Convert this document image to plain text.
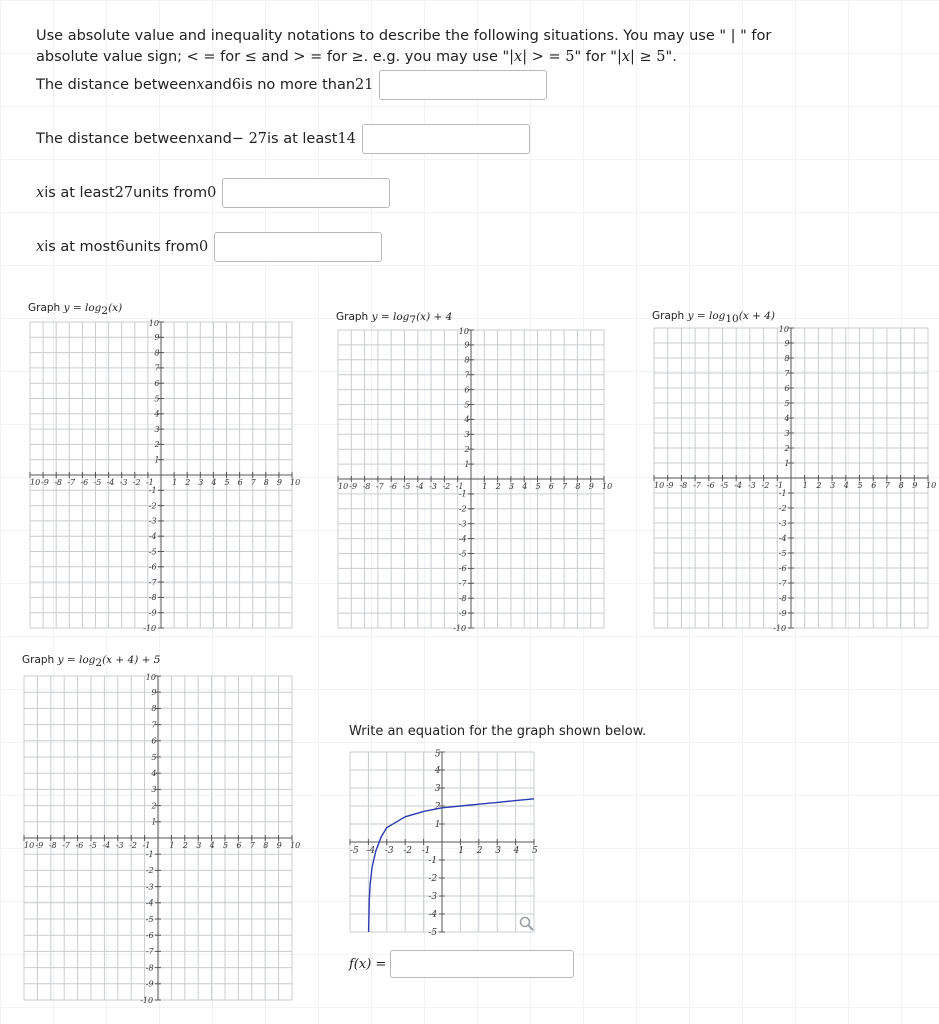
Use absolute value and inequality notations to describe the following situations. You may use " | " for absolute value sign; < = for ≤ and > = for ≥. e.g. you may use "|x| > = 5" for "|x| ≥ 5".

The distance between x and 6 is no more than 21
The distance between x and − 27 is at least 14
x is at least 27 units from 0
x is at most 6 units from 0
Graph $y = \log_2(x)$
Graph $y = \log_7(x) + 4$	Graph $y = \log_{10}(x + 4)$
Graph $y = \log_2(x + 4) + 5$
10 -9 -8 -7 -6 -5 -4 -3 -2 -1 1 2 3 4 5 6 7 8 9 10
10
9
8
7
6
5
4
3
2
1
-1
-2
-3
-4
-5
-6
-7
-8
-9
-10
10 -9 -8 -7 -6 -5 -4 -3 -2 -1 1 2 3 4 5 6 7 8 9 10
10
9
8
7
6
5
4
3
2
1
-1
-2
-3
-4
-5
-6
-7
-8
-9
-10
10 -9 -8 -7 -6 -5 -4 -3 -2 -1 1 2 3 4 5 6 7 8 9 10
10
9
8
7
6
5
4
3
2
1
-1
-2
-3
-4
-5
-6
-7
-8
-9
-10
10 -9 -8 -7 -6 -5 -4 -3 -2 -1 1 2 3 4 5 6 7 8 9 10
10
9
8
7
6
5
4
3
2
1
-1
-2
-3
-4
-5
-6
-7
-8
-9
-10
Write an equation for the graph shown below.
-5 -4 -3 -2 -1	1 2 3 4 5
5
4
3
2
1
-1
-2
-3
-4
-5
f(x) =
